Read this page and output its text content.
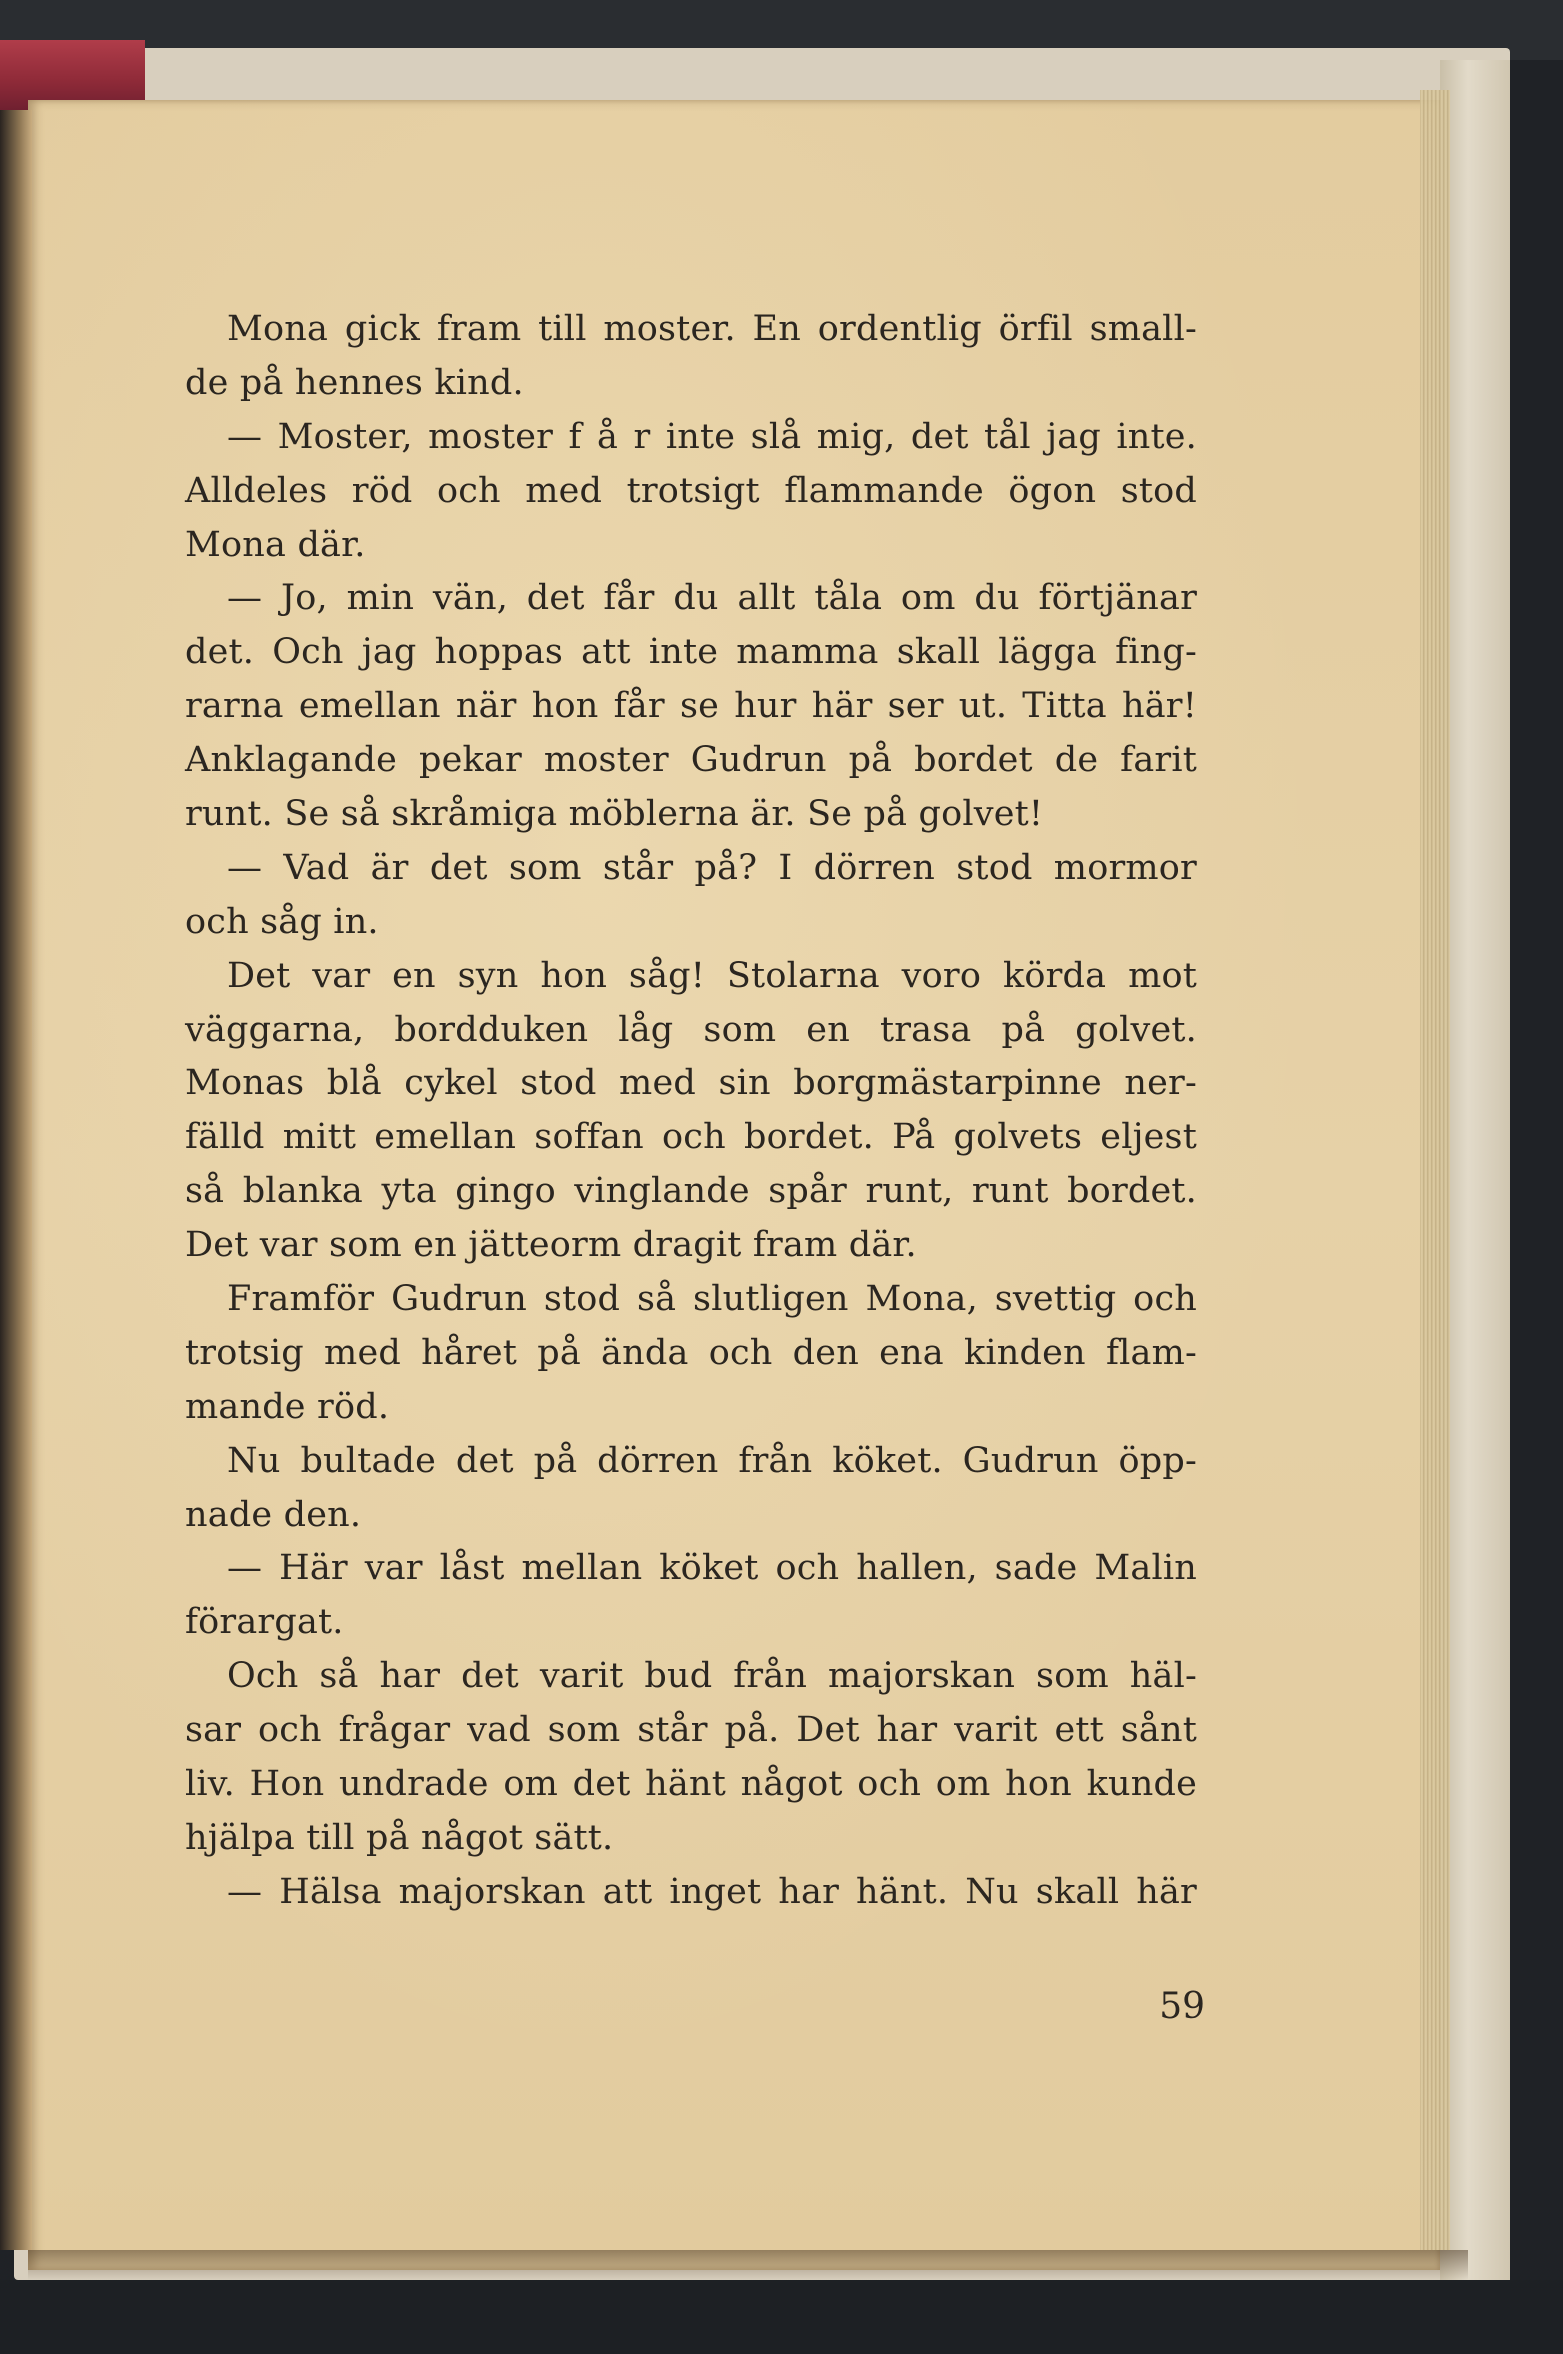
Mona gick fram till moster. En ordentlig örfil small-
de på hennes kind.
— Moster, moster f å r inte slå mig, det tål jag inte.
Alldeles röd och med trotsigt flammande ögon stod
Mona där.
— Jo, min vän, det får du allt tåla om du förtjänar
det. Och jag hoppas att inte mamma skall lägga fing-
rarna emellan när hon får se hur här ser ut. Titta här!
Anklagande pekar moster Gudrun på bordet de farit
runt. Se så skråmiga möblerna är. Se på golvet!
— Vad är det som står på? I dörren stod mormor
och såg in.
Det var en syn hon såg! Stolarna voro körda mot
väggarna, bordduken låg som en trasa på golvet.
Monas blå cykel stod med sin borgmästarpinne ner-
fälld mitt emellan soffan och bordet. På golvets eljest
så blanka yta gingo vinglande spår runt, runt bordet.
Det var som en jätteorm dragit fram där.
Framför Gudrun stod så slutligen Mona, svettig och
trotsig med håret på ända och den ena kinden flam-
mande röd.
Nu bultade det på dörren från köket. Gudrun öpp-
nade den.
— Här var låst mellan köket och hallen, sade Malin
förargat.
Och så har det varit bud från majorskan som häl-
sar och frågar vad som står på. Det har varit ett sånt
liv. Hon undrade om det hänt något och om hon kunde
hjälpa till på något sätt.
— Hälsa majorskan att inget har hänt. Nu skall här
59
